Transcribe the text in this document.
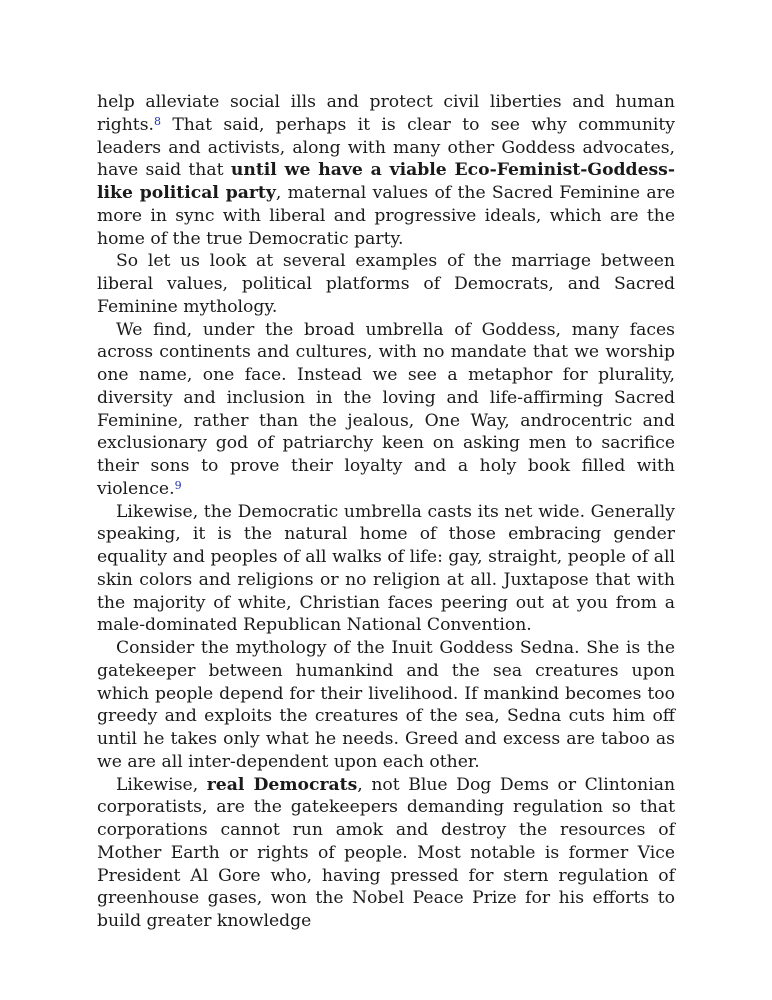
help alleviate social ills and protect civil liberties and human rights.$^8$ That said, perhaps it is clear to see why community leaders and activists, along with many other Goddess advocates, have said that until we have a viable Eco-Feminist-Goddess-like political party, maternal values of the Sacred Feminine are more in sync with liberal and progressive ideals, which are the home of the true Democratic party.

So let us look at several examples of the marriage between liberal values, political platforms of Democrats, and Sacred Feminine mythology.

We find, under the broad umbrella of Goddess, many faces across continents and cultures, with no mandate that we worship one name, one face. Instead we see a metaphor for plurality, diversity and inclusion in the loving and life-affirming Sacred Feminine, rather than the jealous, One Way, androcentric and exclusionary god of patriarchy keen on asking men to sacrifice their sons to prove their loyalty and a holy book filled with violence.$^9$

Likewise, the Democratic umbrella casts its net wide. Generally speaking, it is the natural home of those embracing gender equality and peoples of all walks of life: gay, straight, people of all skin colors and religions or no religion at all. Juxtapose that with the majority of white, Christian faces peering out at you from a male-dominated Republican National Convention.

Consider the mythology of the Inuit Goddess Sedna. She is the gatekeeper between humankind and the sea creatures upon which people depend for their livelihood. If mankind becomes too greedy and exploits the creatures of the sea, Sedna cuts him off until he takes only what he needs. Greed and excess are taboo as we are all inter-dependent upon each other.

Likewise, real Democrats, not Blue Dog Dems or Clintonian corporatists, are the gatekeepers demanding regulation so that corporations cannot run amok and destroy the resources of Mother Earth or rights of people. Most notable is former Vice President Al Gore who, having pressed for stern regulation of greenhouse gases, won the Nobel Peace Prize for his efforts to build greater knowledge
